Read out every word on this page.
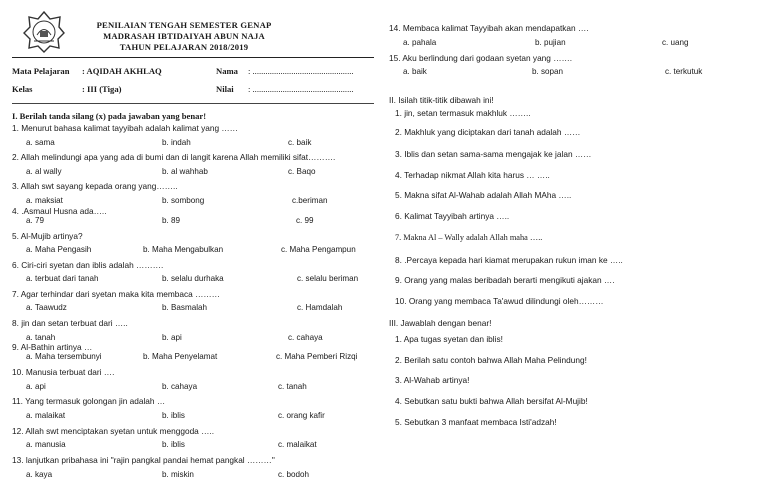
PENILAIAN TENGAH SEMESTER GENAP
MADRASAH IBTIDAIYAH ABUN NAJA
TAHUN PELAJARAN 2018/2019
Mata Pelajaran : AQIDAH AKHLAQ	Nama : ...............................................
Kelas	: III (Tiga)	Nilai : ...............................................
I. Berilah tanda silang (x) pada jawaban yang benar!
1. Menurut bahasa kalimat tayyibah adalah kalimat yang ……
a. sama	b. indah	c. baik
2. Allah melindungi apa yang ada di bumi dan di langit karena Allah memiliki sifat……….
a. al wally	b. al wahhab	c. Baqo
3. Allah swt sayang kepada orang yang……..
a. maksiat	b. sombong	c.beriman
4. .Asmaul Husna ada…..
a. 79	b. 89	c. 99
5. Al-Mujib artinya?
a. Maha Pengasih	b. Maha Mengabulkan	c. Maha Pengampun
6. Ciri-ciri syetan dan iblis adalah ……….
a. terbuat dari tanah	b. selalu durhaka	c. selalu beriman
7. Agar terhindar dari syetan maka kita membaca ………
a. Taawudz	b. Basmalah	c. Hamdalah
8. jin dan setan terbuat dari …..
a. tanah	b. api	c. cahaya
9. Al-Bathin artinya …
a. Maha tersembunyi	b. Maha Penyelamat	c. Maha Pemberi Rizqi
10. Manusia terbuat dari ….
a. api	b. cahaya	c. tanah
11. Yang termasuk golongan jin adalah …
a. malaikat	b. iblis	c. orang kafir
12. Allah swt menciptakan syetan untuk menggoda …..
a. manusia	b. iblis	c. malaikat
13. lanjutkan pribahasa ini "rajin pangkal pandai hemat pangkal ………"
a. kaya	b. miskin	c. bodoh
14. Membaca kalimat Tayyibah akan mendapatkan ….
a. pahala	b. pujian	c. uang
15. Aku berlindung dari godaan syetan yang …….
a. baik	b. sopan	c. terkutuk
II. Isilah titik-titik dibawah ini!
1. jin, setan termasuk makhluk ……..
2. Makhluk yang diciptakan dari tanah adalah ……
3. Iblis dan setan sama-sama mengajak ke jalan ……
4. Terhadap nikmat Allah kita harus … …..
5. Makna sifat Al-Wahab adalah Allah MAha …..
6. Kalimat Tayyibah artinya …..
7. Makna Al – Wally adalah Allah maha …..
8. .Percaya kepada hari kiamat merupakan rukun iman ke …..
9. Orang yang malas beribadah berarti mengikuti ajakan ….
10. Orang yang membaca Ta'awud dilindungi oleh………
III. Jawablah dengan benar!
1. Apa tugas syetan dan iblis!
2. Berilah satu contoh bahwa Allah Maha Pelindung!
3. Al-Wahab artinya!
4. Sebutkan satu bukti bahwa Allah bersifat Al-Mujib!
5. Sebutkan 3 manfaat membaca Isti'adzah!
